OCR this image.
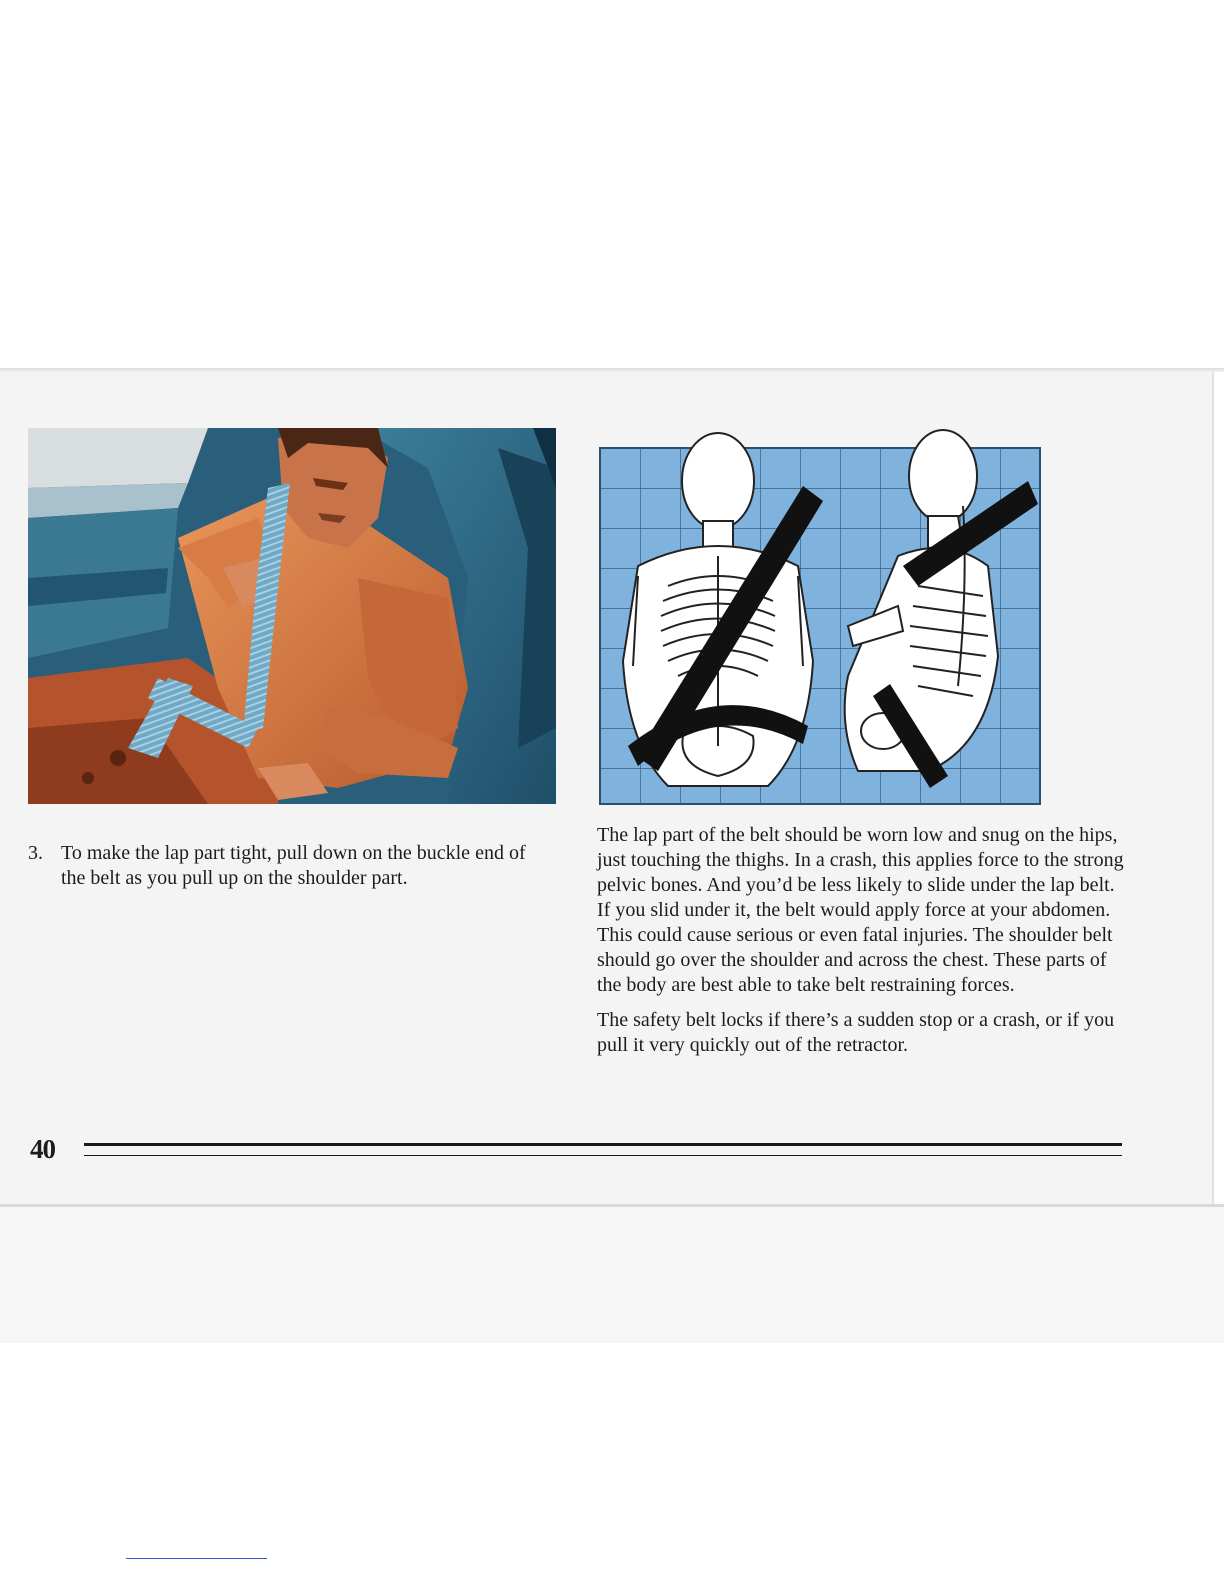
3. To make the lap part tight, pull down on the buckle end of the belt as you pull up on the shoulder part.

The lap part of the belt should be worn low and snug on the hips, just touching the thighs. In a crash, this applies force to the strong pelvic bones. And you’d be less likely to slide under the lap belt. If you slid under it, the belt would apply force at your abdomen. This could cause serious or even fatal injuries. The shoulder belt should go over the shoulder and across the chest. These parts of the body are best able to take belt restraining forces.

The safety belt locks if there’s a sudden stop or a crash, or if you pull it very quickly out of the retractor.

40
